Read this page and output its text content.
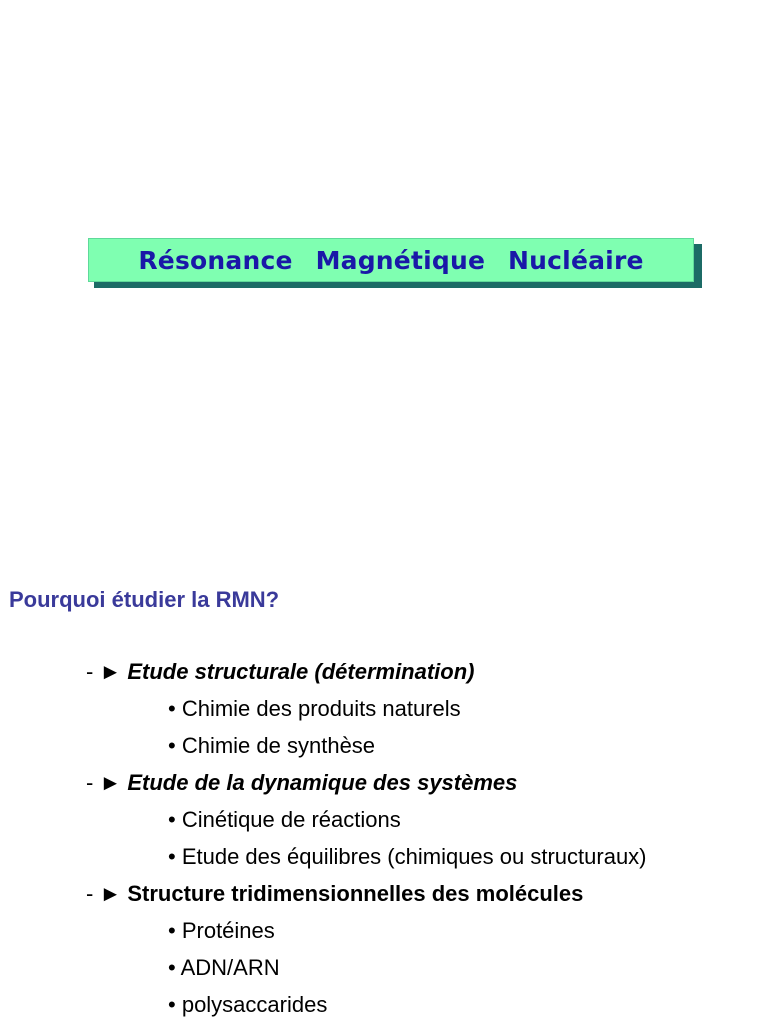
Résonance Magnétique Nucléaire
Pourquoi étudier la RMN?
- ► Etude structurale (détermination)
• Chimie des produits naturels
• Chimie de synthèse
- ► Etude de la dynamique des systèmes
• Cinétique de réactions
• Etude des équilibres (chimiques ou structuraux)
- ► Structure tridimensionnelles des molécules
• Protéines
• ADN/ARN
• polysaccarides
